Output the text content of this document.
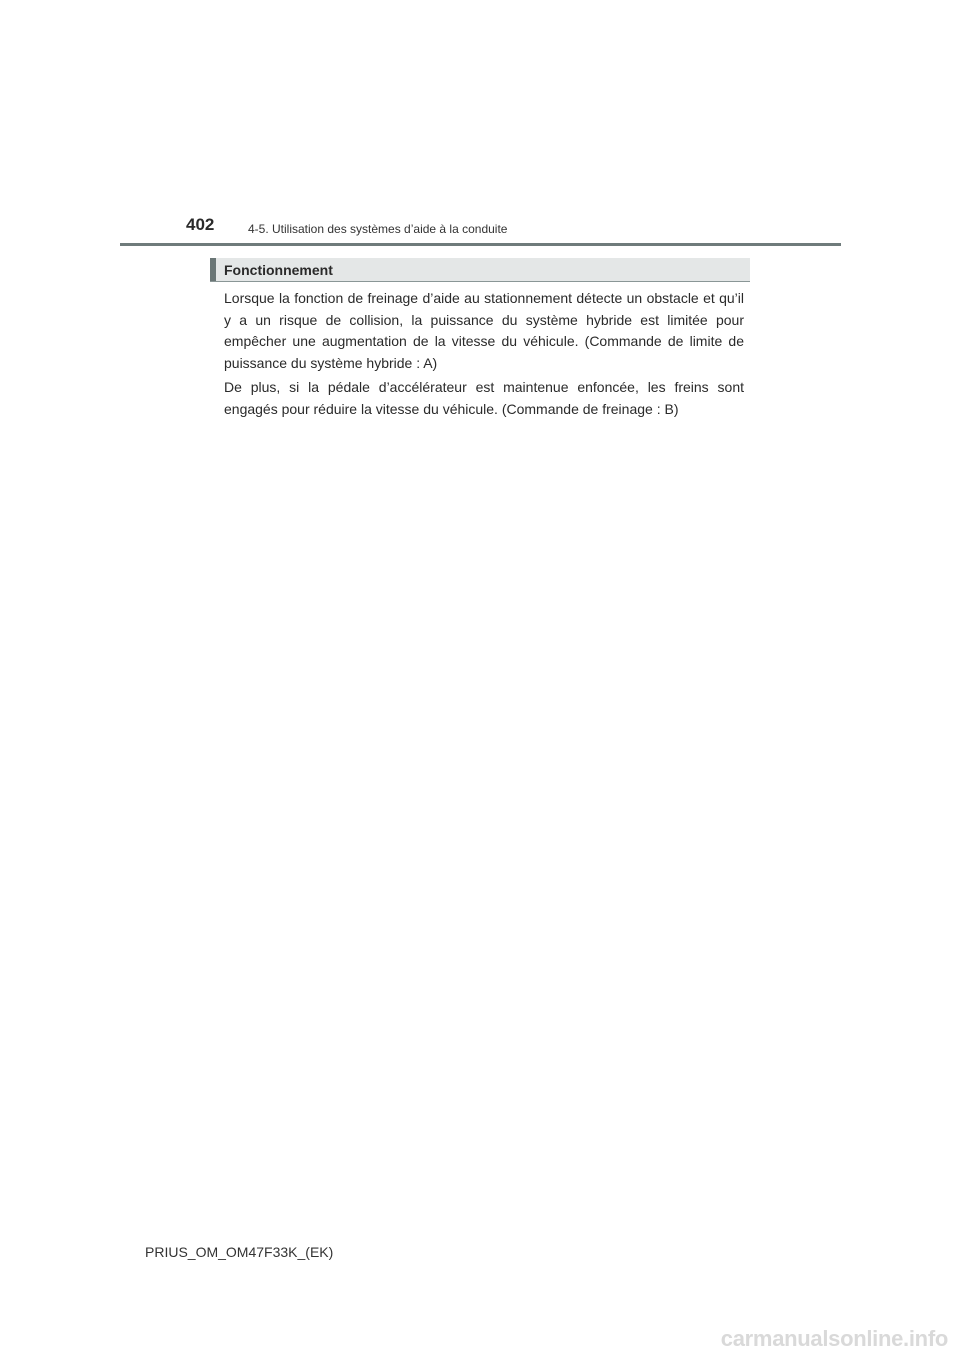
402	4-5. Utilisation des systèmes d’aide à la conduite
Fonctionnement

Lorsque la fonction de freinage d’aide au stationnement détecte un obstacle et qu’il y a un risque de collision, la puissance du système hybride est limitée pour empêcher une augmentation de la vitesse du véhicule. (Commande de limite de puissance du système hybride : A)

De plus, si la pédale d’accélérateur est maintenue enfoncée, les freins sont engagés pour réduire la vitesse du véhicule. (Commande de freinage : B)

PRIUS_OM_OM47F33K_(EK)
carmanualsonline.info
